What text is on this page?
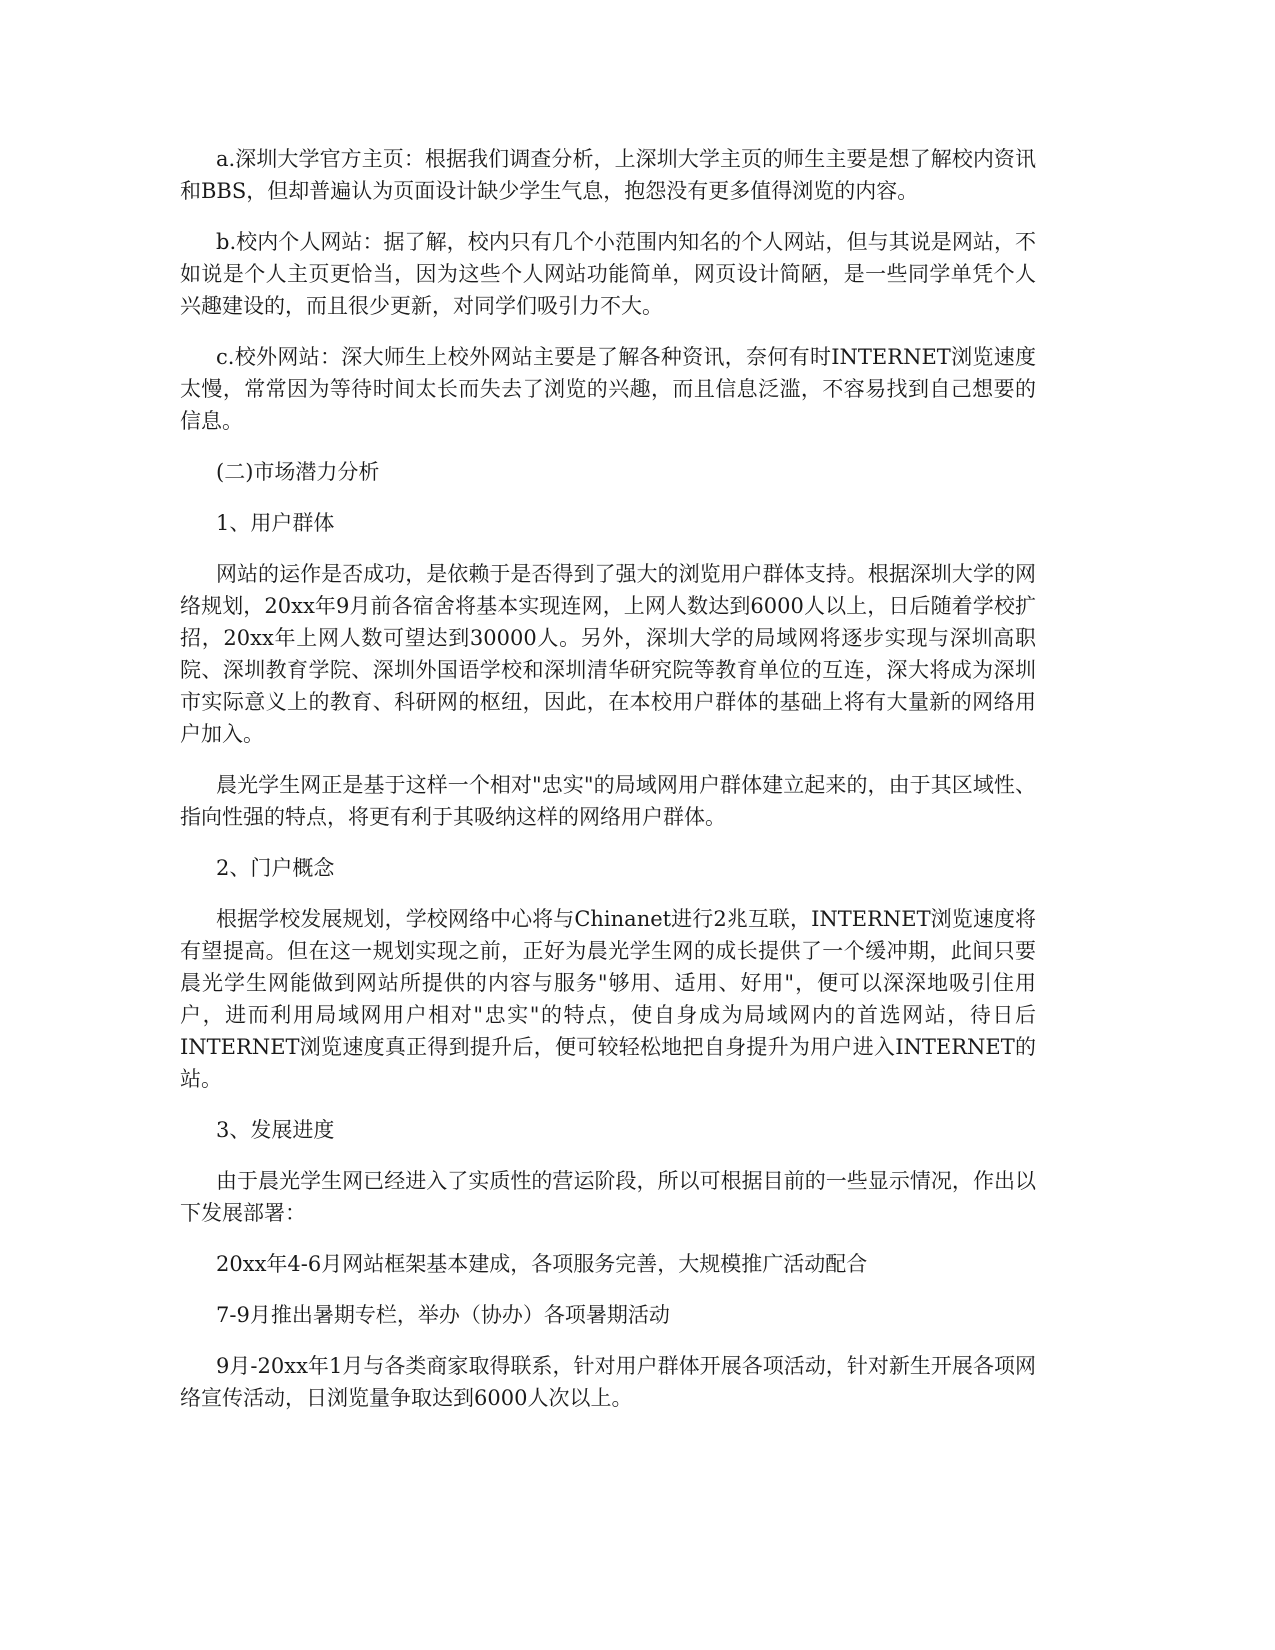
a.深圳大学官方主页：根据我们调查分析，上深圳大学主页的师生主要是想了解校内资讯和BBS，但却普遍认为页面设计缺少学生气息，抱怨没有更多值得浏览的内容。

b.校内个人网站：据了解，校内只有几个小范围内知名的个人网站，但与其说是网站，不如说是个人主页更恰当，因为这些个人网站功能简单，网页设计简陋，是一些同学单凭个人兴趣建设的，而且很少更新，对同学们吸引力不大。

c.校外网站：深大师生上校外网站主要是了解各种资讯，奈何有时INTERNET浏览速度太慢，常常因为等待时间太长而失去了浏览的兴趣，而且信息泛滥，不容易找到自己想要的信息。

(二)市场潜力分析

1、用户群体

网站的运作是否成功，是依赖于是否得到了强大的浏览用户群体支持。根据深圳大学的网络规划，20xx年9月前各宿舍将基本实现连网，上网人数达到6000人以上，日后随着学校扩招，20xx年上网人数可望达到30000人。另外，深圳大学的局域网将逐步实现与深圳高职院、深圳教育学院、深圳外国语学校和深圳清华研究院等教育单位的互连，深大将成为深圳市实际意义上的教育、科研网的枢纽，因此，在本校用户群体的基础上将有大量新的网络用户加入。

晨光学生网正是基于这样一个相对"忠实"的局域网用户群体建立起来的，由于其区域性、指向性强的特点，将更有利于其吸纳这样的网络用户群体。

2、门户概念

根据学校发展规划，学校网络中心将与Chinanet进行2兆互联，INTERNET浏览速度将有望提高。但在这一规划实现之前，正好为晨光学生网的成长提供了一个缓冲期，此间只要晨光学生网能做到网站所提供的内容与服务"够用、适用、好用"，便可以深深地吸引住用户，进而利用局域网用户相对"忠实"的特点，使自身成为局域网内的首选网站，待日后INTERNET浏览速度真正得到提升后，便可较轻松地把自身提升为用户进入INTERNET的站。

3、发展进度

由于晨光学生网已经进入了实质性的营运阶段，所以可根据目前的一些显示情况，作出以下发展部署：

20xx年4-6月网站框架基本建成，各项服务完善，大规模推广活动配合

7-9月推出暑期专栏，举办（协办）各项暑期活动

9月-20xx年1月与各类商家取得联系，针对用户群体开展各项活动，针对新生开展各项网络宣传活动，日浏览量争取达到6000人次以上。
